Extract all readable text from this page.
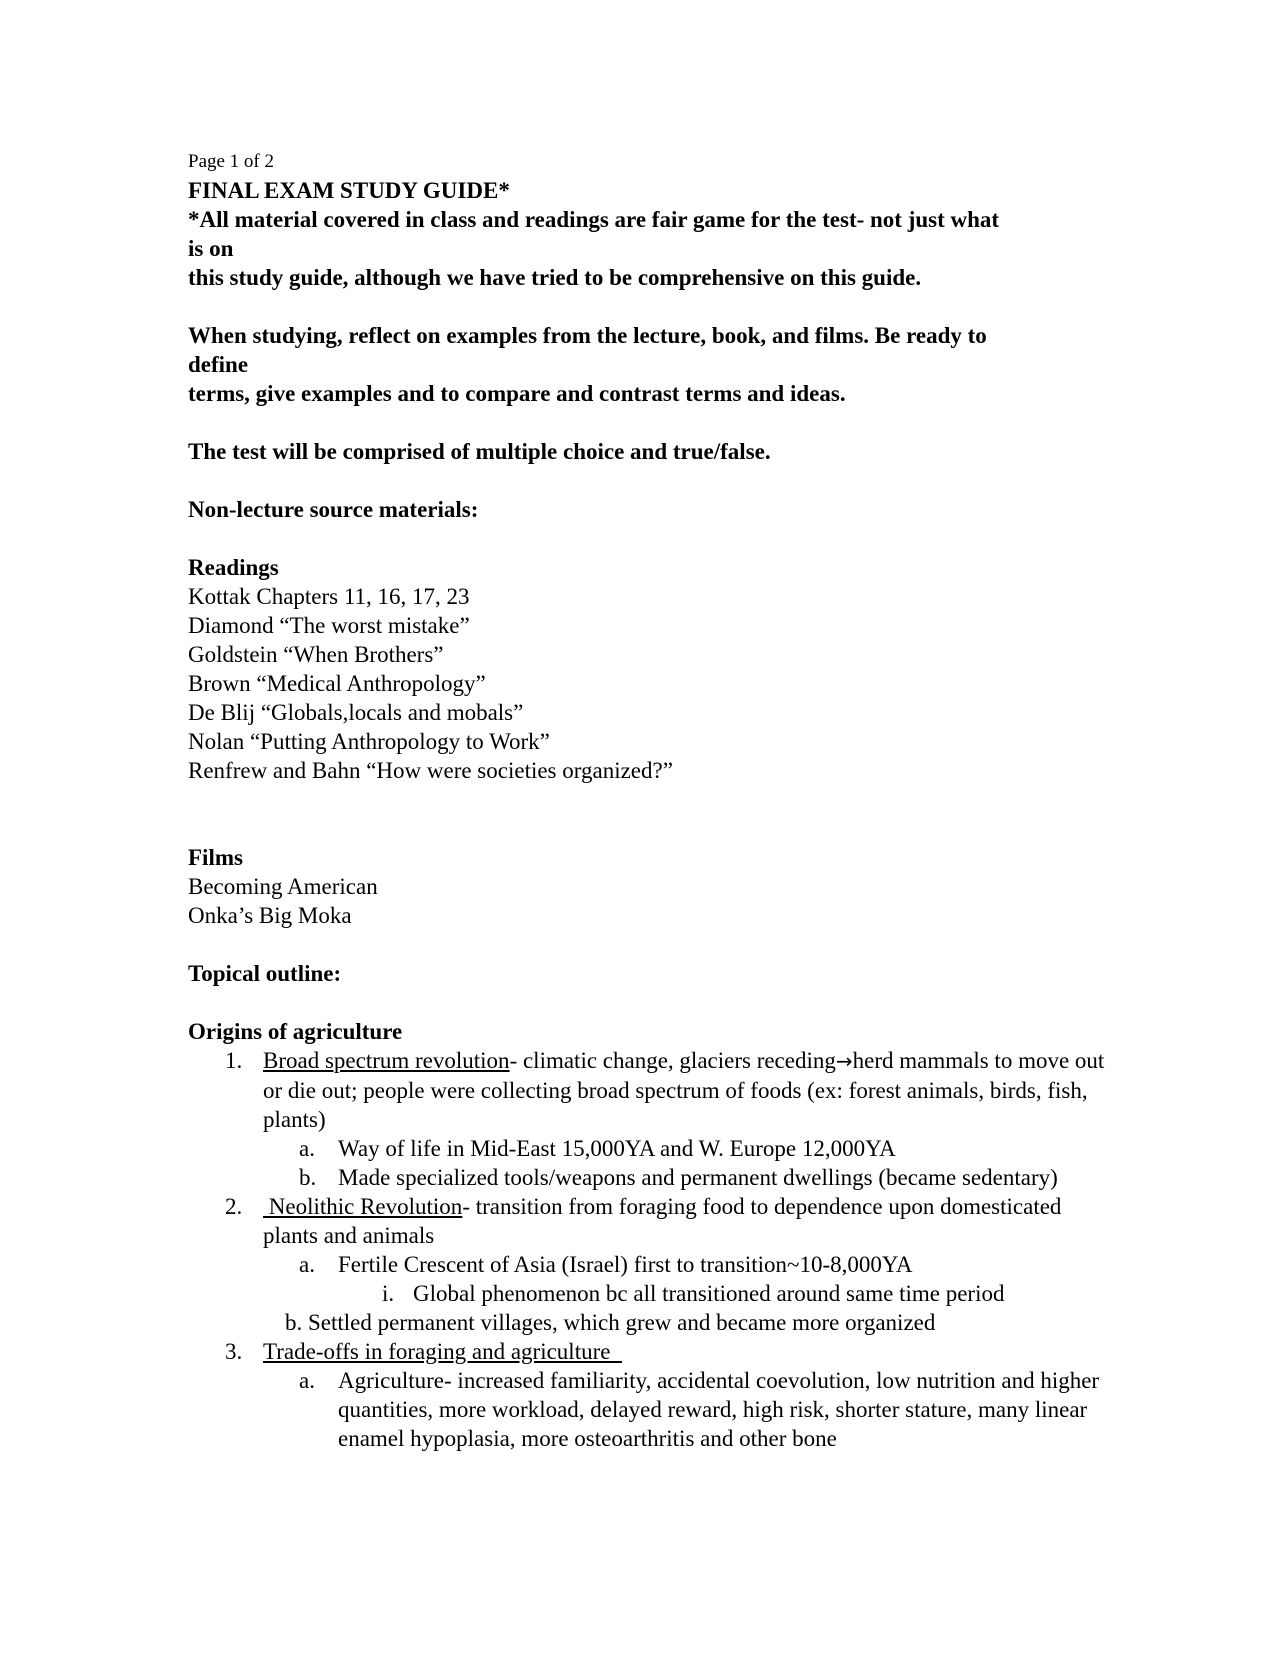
Page 1 of 2
FINAL EXAM STUDY GUIDE*
*All material covered in class and readings are fair game for the test- not just what
is on
this study guide, although we have tried to be comprehensive on this guide.
When studying, reflect on examples from the lecture, book, and films. Be ready to
define
terms, give examples and to compare and contrast terms and ideas.
The test will be comprised of multiple choice and true/false.
Non-lecture source materials:
Readings
Kottak Chapters 11, 16, 17, 23
Diamond “The worst mistake”
Goldstein “When Brothers”
Brown “Medical Anthropology”
De Blij “Globals,locals and mobals”
Nolan “Putting Anthropology to Work”
Renfrew and Bahn “How were societies organized?”
Films
Becoming American
Onka’s Big Moka
Topical outline:
Origins of agriculture
1. Broad spectrum revolution- climatic change, glaciers receding→herd mammals to move out or die out; people were collecting broad spectrum of foods (ex: forest animals, birds, fish, plants)
a. Way of life in Mid-East 15,000YA and W. Europe 12,000YA
b. Made specialized tools/weapons and permanent dwellings (became sedentary)
2. Neolithic Revolution- transition from foraging food to dependence upon domesticated plants and animals
a. Fertile Crescent of Asia (Israel) first to transition~10-8,000YA
i. Global phenomenon bc all transitioned around same time period
b. Settled permanent villages, which grew and became more organized
3. Trade-offs in foraging and agriculture
a. Agriculture- increased familiarity, accidental coevolution, low nutrition and higher quantities, more workload, delayed reward, high risk, shorter stature, many linear enamel hypoplasia, more osteoarthritis and other bone
